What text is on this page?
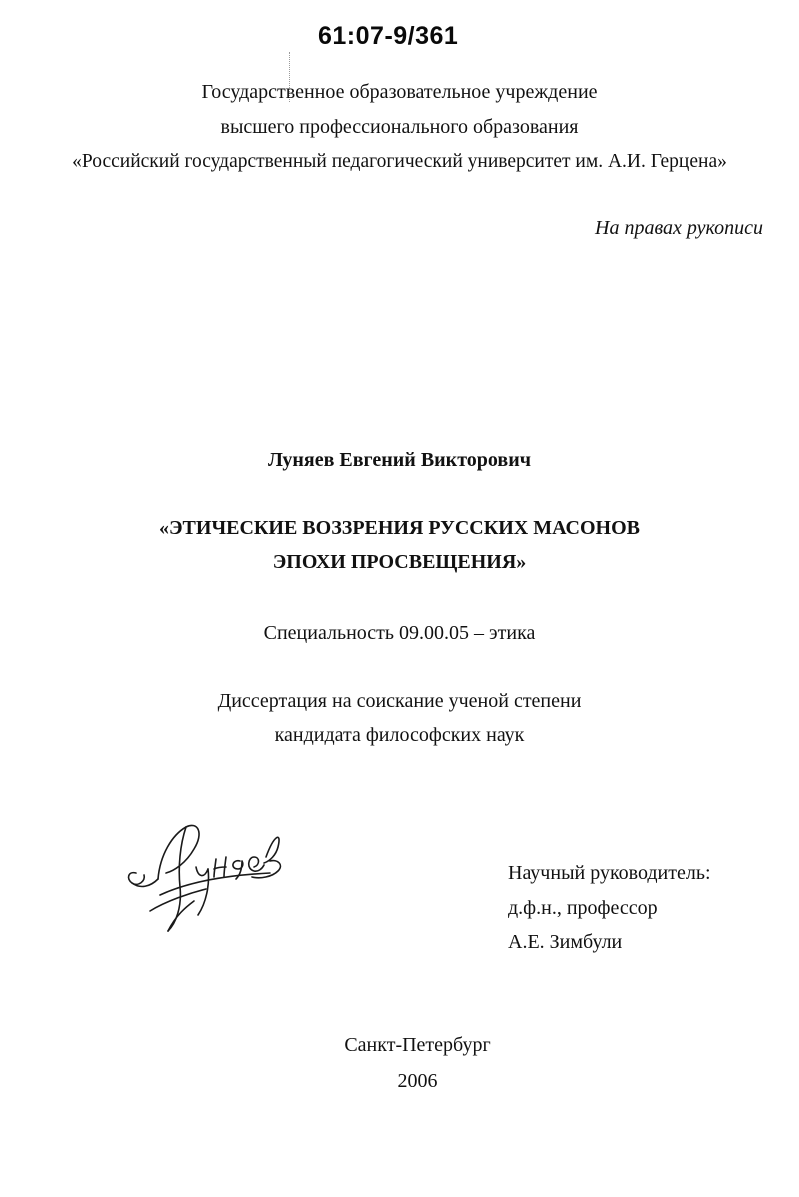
61:07-9/361
Государственное образовательное учреждение
высшего профессионального образования
«Российский государственный педагогический университет им. А.И. Герцена»
На правах рукописи
Луняев Евгений Викторович
«ЭТИЧЕСКИЕ ВОЗЗРЕНИЯ РУССКИХ МАСОНОВ
ЭПОХИ ПРОСВЕЩЕНИЯ»
Специальность 09.00.05 – этика
Диссертация на соискание ученой степени
кандидата философских наук
Научный руководитель:
д.ф.н., профессор
А.Е. Зимбули
Санкт-Петербург
2006
